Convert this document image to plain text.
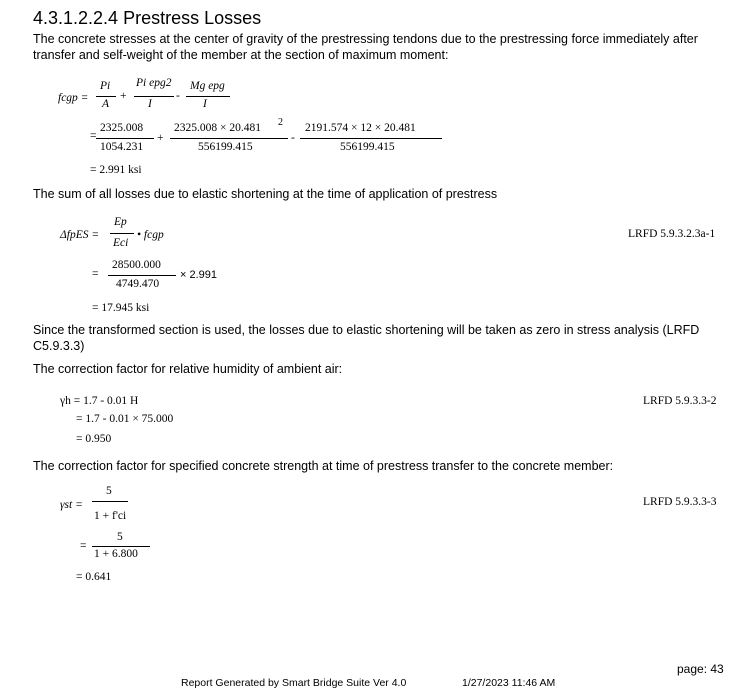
4.3.1.2.2.4 Prestress Losses
The concrete stresses at the center of gravity of the prestressing tendons due to the prestressing force immediately after transfer and self-weight of the member at the section of maximum moment:
fcgp =
Pi
A
+
Pi epg2
I
-
Mg epg
I
=
2325.008
1054.231
+
2325.008 × 20.481 2
556199.415
-
2191.574 × 12 × 20.481
556199.415
= 2.991 ksi
The sum of all losses due to elastic shortening at the time of application of prestress
ΔfpES =
Ep
Eci
• fcgp	LRFD 5.9.3.2.3a-1
=
28500.000
4749.470
× 2.991
= 17.945 ksi
Since the transformed section is used, the losses due to elastic shortening will be taken as zero in stress analysis (LRFD C5.9.3.3)
The correction factor for relative humidity of ambient air:
γh = 1.7 - 0.01 H	LRFD 5.9.3.3-2
= 1.7 - 0.01 × 75.000
= 0.950
The correction factor for specified concrete strength at time of prestress transfer to the concrete member:
γst =
5
1 + f'ci
LRFD 5.9.3.3-3
=
5
1 + 6.800
= 0.641
page: 43
Report Generated by Smart Bridge Suite Ver 4.0	1/27/2023 11:46 AM
